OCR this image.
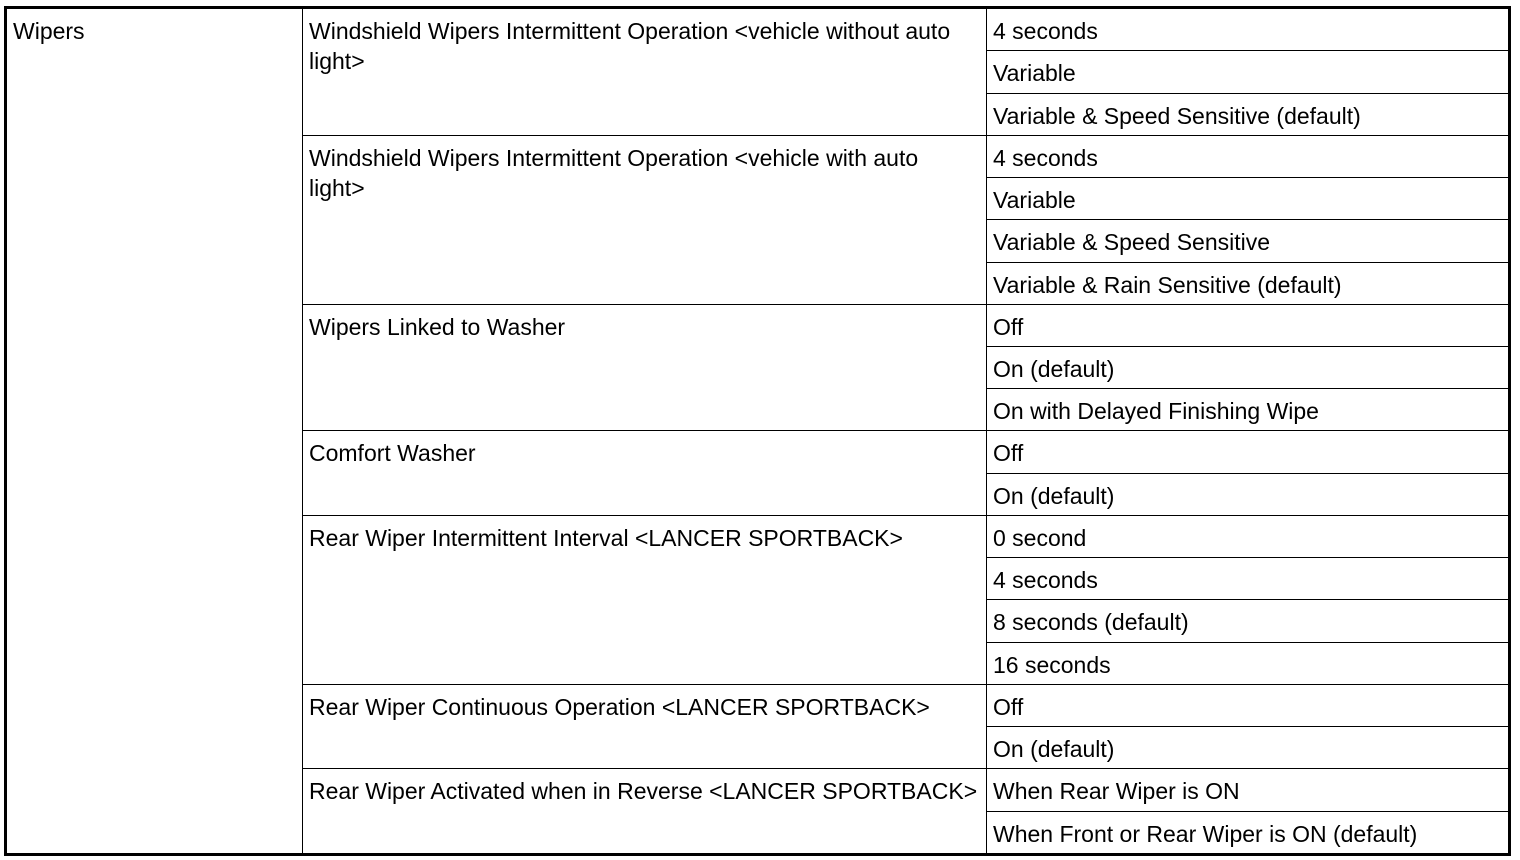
Wipers	Windshield Wipers Intermittent Operation <vehicle without auto light>	4 seconds
		Variable
		Variable & Speed Sensitive (default)
	Windshield Wipers Intermittent Operation <vehicle with auto light>	4 seconds
		Variable
		Variable & Speed Sensitive
		Variable & Rain Sensitive (default)
	Wipers Linked to Washer	Off
		On (default)
		On with Delayed Finishing Wipe
	Comfort Washer	Off
		On (default)
	Rear Wiper Intermittent Interval <LANCER SPORTBACK>	0 second
		4 seconds
		8 seconds (default)
		16 seconds
	Rear Wiper Continuous Operation <LANCER SPORTBACK>	Off
		On (default)
	Rear Wiper Activated when in Reverse <LANCER SPORTBACK>	When Rear Wiper is ON
		When Front or Rear Wiper is ON (default)
